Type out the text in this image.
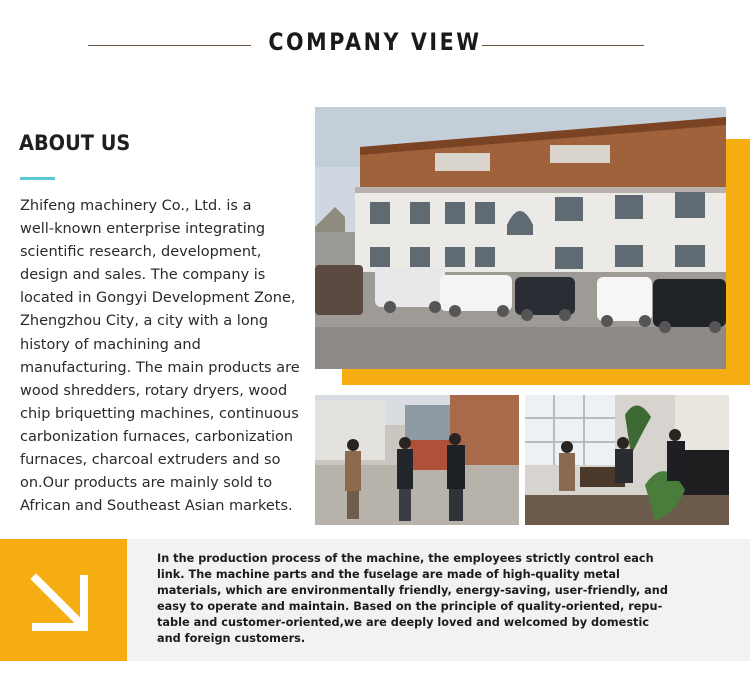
COMPANY VIEW
ABOUT US
Zhifeng machinery Co., Ltd. is a
well-known enterprise integrating
scientific research, development,
design and sales. The company is
located in Gongyi Development Zone,
Zhengzhou City, a city with a long
history of machining and
manufacturing. The main products are
wood shredders, rotary dryers, wood
chip briquetting machines, continuous
carbonization furnaces, carbonization
furnaces, charcoal extruders and so
on.Our products are mainly sold to
African and Southeast Asian markets.
In the production process of the machine, the employees strictly control each
link. The machine parts and the fuselage are made of high-quality metal
materials, which are environmentally friendly, energy-saving, user-friendly, and
easy to operate and maintain. Based on the principle of quality-oriented, repu-
table and customer-oriented,we are deeply loved and welcomed by domestic
and foreign customers.
